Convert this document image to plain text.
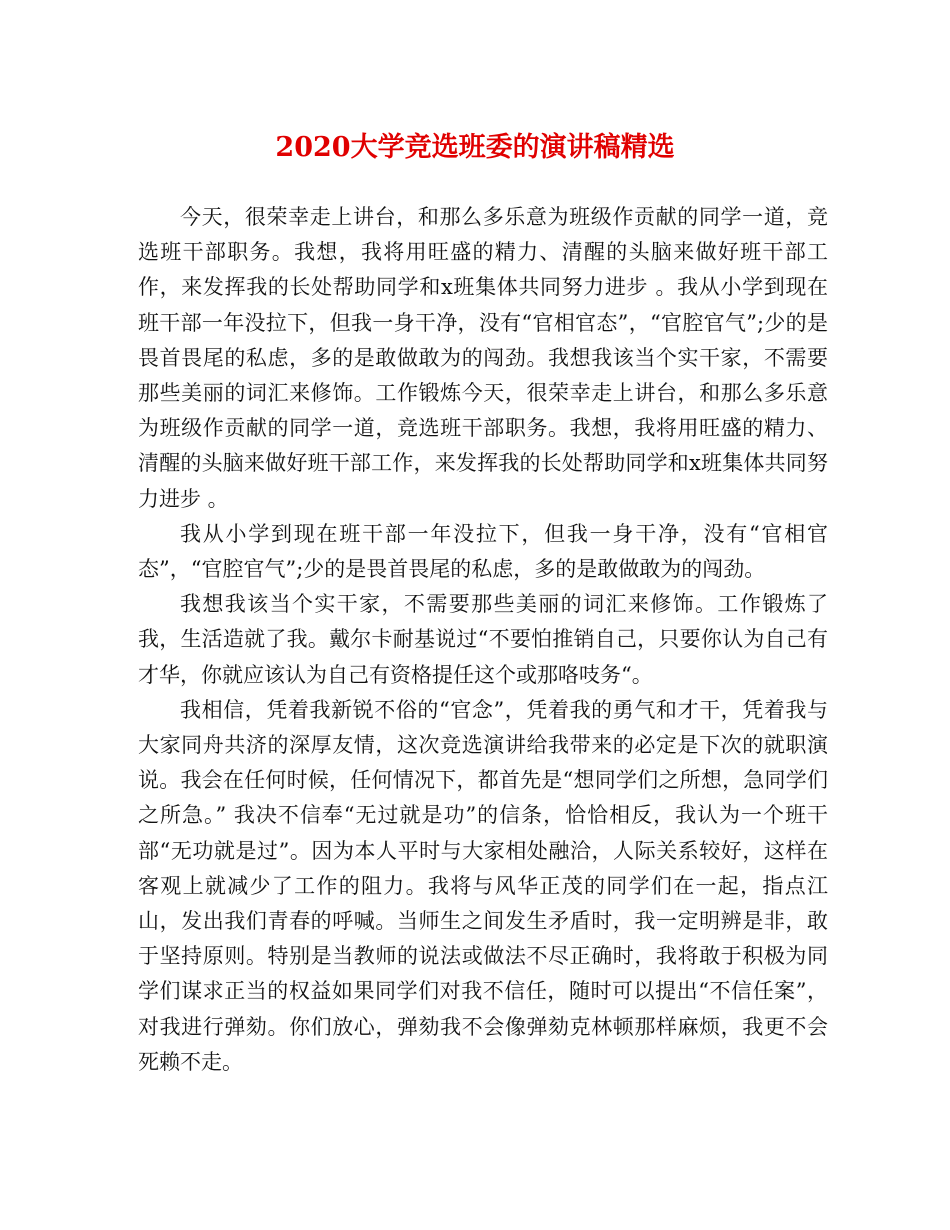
2020大学竞选班委的演讲稿精选

今天，很荣幸走上讲台，和那么多乐意为班级作贡献的同学一道，竞选班干部职务。我想，我将用旺盛的精力、清醒的头脑来做好班干部工作，来发挥我的长处帮助同学和x班集体共同努力进步 。我从小学到现在班干部一年没拉下，但我一身干净，没有“官相官态”，“官腔官气”;少的是畏首畏尾的私虑，多的是敢做敢为的闯劲。我想我该当个实干家，不需要那些美丽的词汇来修饰。工作锻炼今天，很荣幸走上讲台，和那么多乐意为班级作贡献的同学一道，竞选班干部职务。我想，我将用旺盛的精力、清醒的头脑来做好班干部工作，来发挥我的长处帮助同学和x班集体共同努力进步 。

我从小学到现在班干部一年没拉下，但我一身干净，没有“官相官态”，“官腔官气”;少的是畏首畏尾的私虑，多的是敢做敢为的闯劲。

我想我该当个实干家，不需要那些美丽的词汇来修饰。工作锻炼了我，生活造就了我。戴尔卡耐基说过“不要怕推销自己，只要你认为自己有才华，你就应该认为自己有资格提任这个或那咯吱务“。

我相信，凭着我新锐不俗的“官念”，凭着我的勇气和才干，凭着我与大家同舟共济的深厚友情，这次竞选演讲给我带来的必定是下次的就职演说。我会在任何时候，任何情况下，都首先是“想同学们之所想，急同学们之所急。” 我决不信奉“无过就是功”的信条，恰恰相反，我认为一个班干部“无功就是过”。因为本人平时与大家相处融洽，人际关系较好，这样在客观上就减少了工作的阻力。我将与风华正茂的同学们在一起，指点江山，发出我们青春的呼喊。当师生之间发生矛盾时，我一定明辨是非，敢于坚持原则。特别是当教师的说法或做法不尽正确时，我将敢于积极为同学们谋求正当的权益如果同学们对我不信任，随时可以提出“不信任案”，对我进行弹劾。你们放心，弹劾我不会像弹劾克林顿那样麻烦，我更不会死赖不走。
